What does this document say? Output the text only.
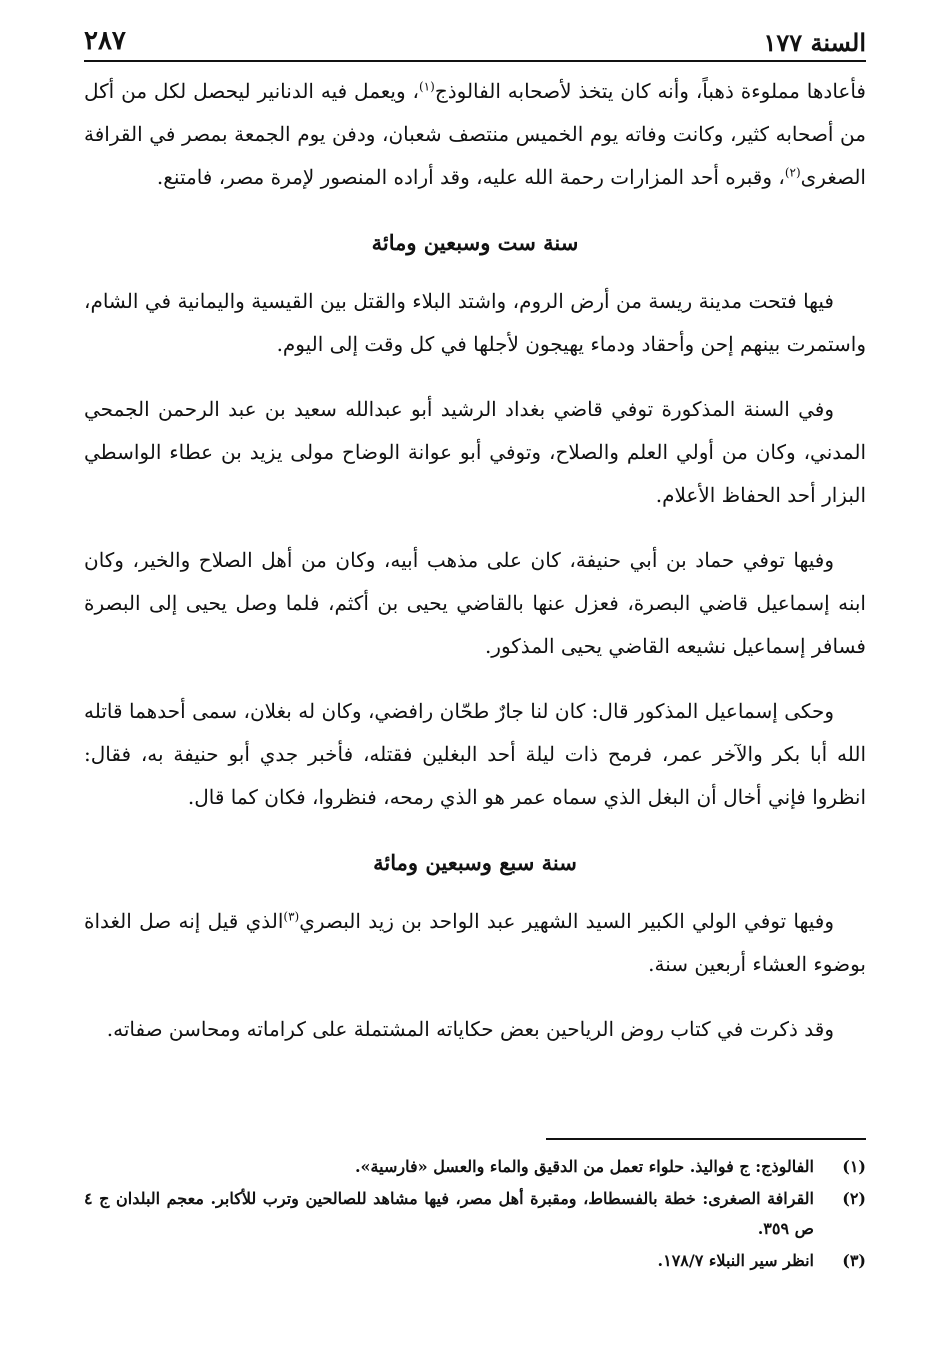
السنة ١٧٧
٢٨٧

فأعادها مملوءة ذهباً، وأنه كان يتخذ لأصحابه الفالوذج$^{(١)}$، ويعمل فيه الدنانير ليحصل لكل من أكل من أصحابه كثير، وكانت وفاته يوم الخميس منتصف شعبان، ودفن يوم الجمعة بمصر في القرافة الصغرى$^{(٢)}$، وقبره أحد المزارات رحمة الله عليه، وقد أراده المنصور لإمرة مصر، فامتنع.

سنة ست وسبعين ومائة

فيها فتحت مدينة ريسة من أرض الروم، واشتد البلاء والقتل بين القيسية واليمانية في الشام، واستمرت بينهم إحن وأحقاد ودماء يهيجون لأجلها في كل وقت إلى اليوم.

وفي السنة المذكورة توفي قاضي بغداد الرشيد أبو عبدالله سعيد بن عبد الرحمن الجمحي المدني، وكان من أولي العلم والصلاح، وتوفي أبو عوانة الوضاح مولى يزيد بن عطاء الواسطي البزار أحد الحفاظ الأعلام.

وفيها توفي حماد بن أبي حنيفة، كان على مذهب أبيه، وكان من أهل الصلاح والخير، وكان ابنه إسماعيل قاضي البصرة، فعزل عنها بالقاضي يحيى بن أكثم، فلما وصل يحيى إلى البصرة فسافر إسماعيل نشيعه القاضي يحيى المذكور.

وحكى إسماعيل المذكور قال: كان لنا جارٌ طحّان رافضي، وكان له بغلان، سمى أحدهما قاتله الله أبا بكر والآخر عمر، فرمح ذات ليلة أحد البغلين فقتله، فأخبر جدي أبو حنيفة به، فقال: انظروا فإني أخال أن البغل الذي سماه عمر هو الذي رمحه، فنظروا، فكان كما قال.

سنة سبع وسبعين ومائة

وفيها توفي الولي الكبير السيد الشهير عبد الواحد بن زيد البصري$^{(٣)}$الذي قيل إنه صل الغداة بوضوء العشاء أربعين سنة.

وقد ذكرت في كتاب روض الرياحين بعض حكاياته المشتملة على كراماته ومحاسن صفاته.

(١)
الفالوذج: ج فواليذ. حلواء تعمل من الدقيق والماء والعسل «فارسية».
(٢)
القرافة الصغرى: خطة بالفسطاط، ومقبرة أهل مصر، فيها مشاهد للصالحين وترب للأكابر. معجم البلدان ج ٤ ص ٣٥٩.
(٣)
انظر سير النبلاء ١٧٨/٧.
